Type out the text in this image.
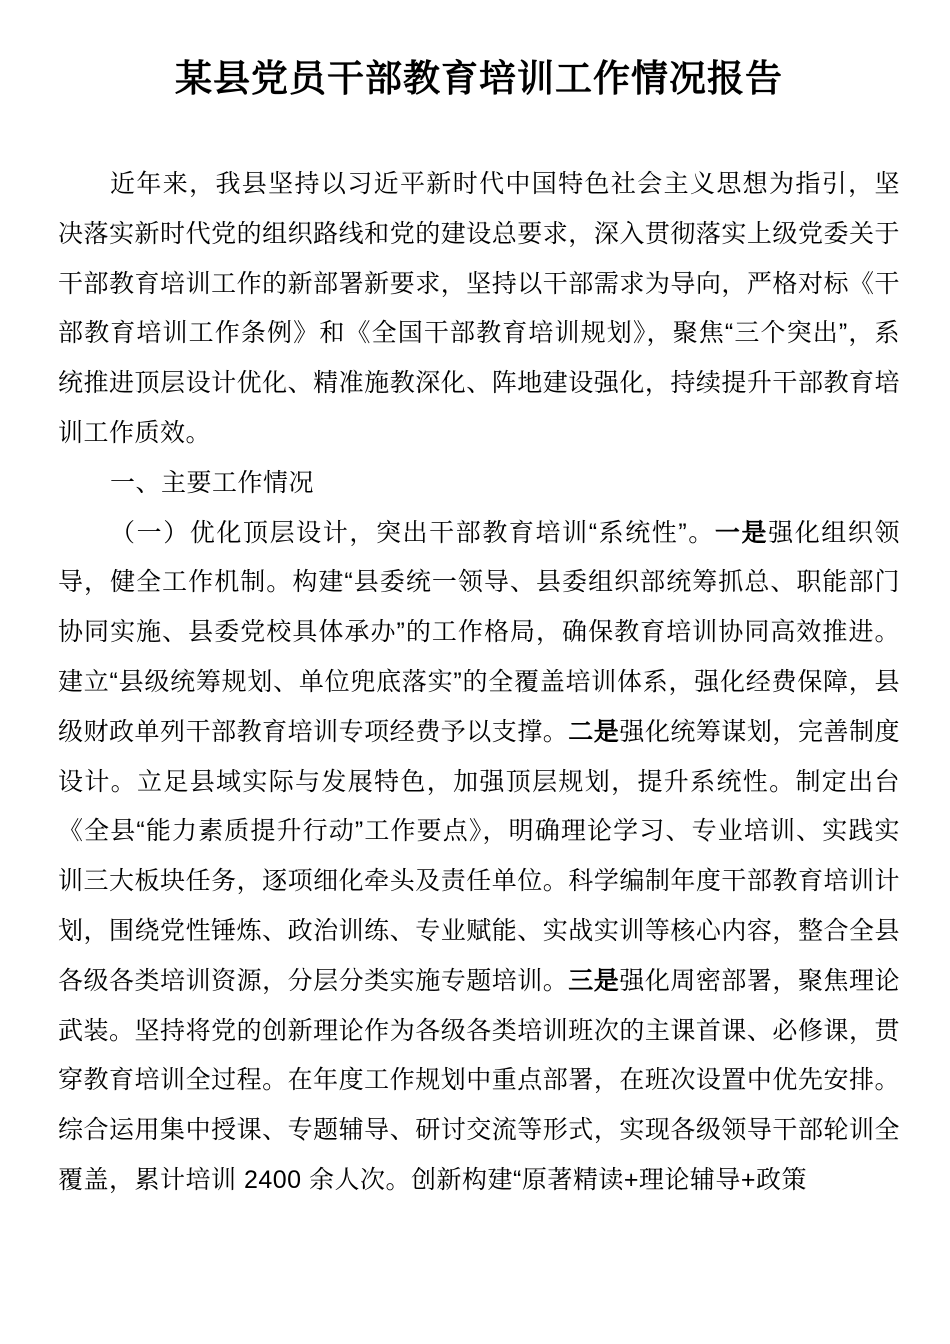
某县党员干部教育培训工作情况报告

近年来，我县坚持以习近平新时代中国特色社会主义思想为指引，坚决落实新时代党的组织路线和党的建设总要求，深入贯彻落实上级党委关于干部教育培训工作的新部署新要求，坚持以干部需求为导向，严格对标《干部教育培训工作条例》和《全国干部教育培训规划》，聚焦“三个突出”，系统推进顶层设计优化、精准施教深化、阵地建设强化，持续提升干部教育培训工作质效。

一、主要工作情况

（一）优化顶层设计，突出干部教育培训“系统性”。一是强化组织领导，健全工作机制。构建“县委统一领导、县委组织部统筹抓总、职能部门协同实施、县委党校具体承办”的工作格局，确保教育培训协同高效推进。建立“县级统筹规划、单位兜底落实”的全覆盖培训体系，强化经费保障，县级财政单列干部教育培训专项经费予以支撑。二是强化统筹谋划，完善制度设计。立足县域实际与发展特色，加强顶层规划，提升系统性。制定出台《全县“能力素质提升行动”工作要点》，明确理论学习、专业培训、实践实训三大板块任务，逐项细化牵头及责任单位。科学编制年度干部教育培训计划，围绕党性锤炼、政治训练、专业赋能、实战实训等核心内容，整合全县各级各类培训资源，分层分类实施专题培训。三是强化周密部署，聚焦理论武装。坚持将党的创新理论作为各级各类培训班次的主课首课、必修课，贯穿教育培训全过程。在年度工作规划中重点部署，在班次设置中优先安排。综合运用集中授课、专题辅导、研讨交流等形式，实现各级领导干部轮训全覆盖，累计培训 2400 余人次。创新构建“原著精读+理论辅导+政策
